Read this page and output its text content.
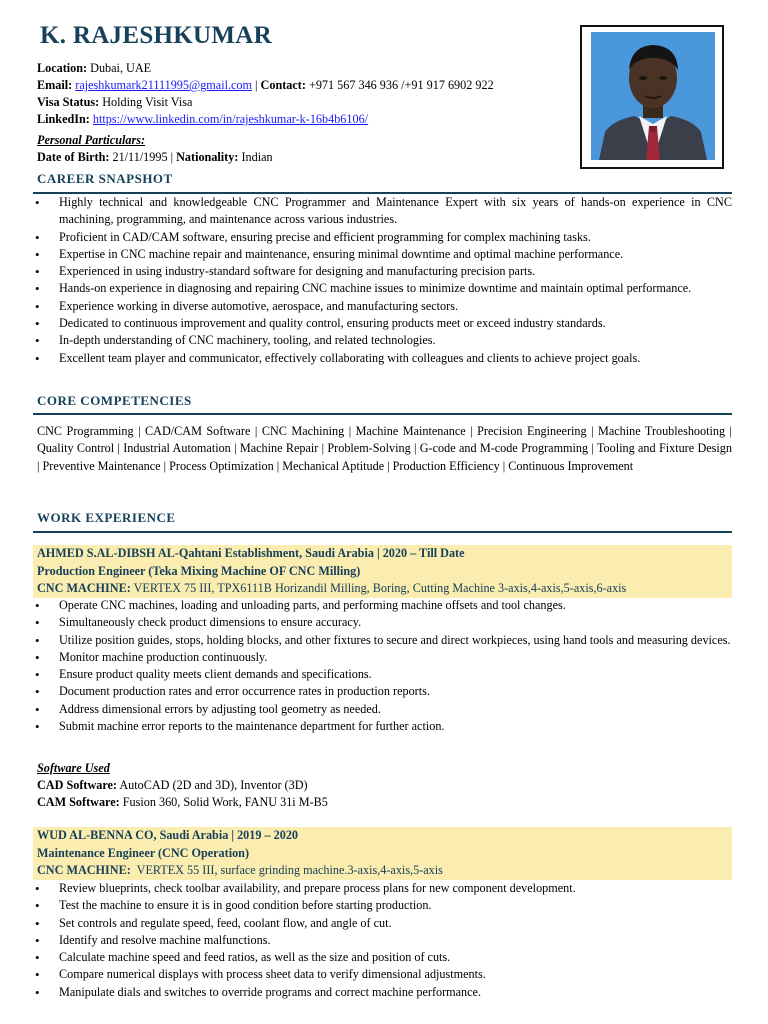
K. RAJESHKUMAR
Location: Dubai, UAE
Email: rajeshkumark21111995@gmail.com | Contact: +971 567 346 936 /+91 917 6902 922
Visa Status: Holding Visit Visa
LinkedIn: https://www.linkedin.com/in/rajeshkumar-k-16b4b6106/
Personal Particulars:
Date of Birth: 21/11/1995 | Nationality: Indian
CAREER SNAPSHOT
• Highly technical and knowledgeable CNC Programmer and Maintenance Expert with six years of hands-on experience in CNC machining, programming, and maintenance across various industries.
• Proficient in CAD/CAM software, ensuring precise and efficient programming for complex machining tasks.
• Expertise in CNC machine repair and maintenance, ensuring minimal downtime and optimal machine performance.
• Experienced in using industry-standard software for designing and manufacturing precision parts.
• Hands-on experience in diagnosing and repairing CNC machine issues to minimize downtime and maintain optimal performance.
• Experience working in diverse automotive, aerospace, and manufacturing sectors.
• Dedicated to continuous improvement and quality control, ensuring products meet or exceed industry standards.
• In-depth understanding of CNC machinery, tooling, and related technologies.
• Excellent team player and communicator, effectively collaborating with colleagues and clients to achieve project goals.
CORE COMPETENCIES
CNC Programming | CAD/CAM Software | CNC Machining | Machine Maintenance | Precision Engineering | Machine Troubleshooting | Quality Control | Industrial Automation | Machine Repair | Problem-Solving | G-code and M-code Programming | Tooling and Fixture Design | Preventive Maintenance | Process Optimization | Mechanical Aptitude | Production Efficiency | Continuous Improvement
WORK EXPERIENCE
AHMED S.AL-DIBSH AL-Qahtani Establishment, Saudi Arabia | 2020 – Till Date
Production Engineer (Teka Mixing Machine OF CNC Milling)
CNC MACHINE: VERTEX 75 III, TPX6111B Horizandil Milling, Boring, Cutting Machine 3-axis,4-axis,5-axis,6-axis
• Operate CNC machines, loading and unloading parts, and performing machine offsets and tool changes.
• Simultaneously check product dimensions to ensure accuracy.
• Utilize position guides, stops, holding blocks, and other fixtures to secure and direct workpieces, using hand tools and measuring devices.
• Monitor machine production continuously.
• Ensure product quality meets client demands and specifications.
• Document production rates and error occurrence rates in production reports.
• Address dimensional errors by adjusting tool geometry as needed.
• Submit machine error reports to the maintenance department for further action.
Software Used
CAD Software: AutoCAD (2D and 3D), Inventor (3D)
CAM Software: Fusion 360, Solid Work, FANU 31i M-B5
WUD AL-BENNA CO, Saudi Arabia | 2019 – 2020
Maintenance Engineer (CNC Operation)
CNC MACHINE:  VERTEX 55 III, surface grinding machine.3-axis,4-axis,5-axis
• Review blueprints, check toolbar availability, and prepare process plans for new component development.
• Test the machine to ensure it is in good condition before starting production.
• Set controls and regulate speed, feed, coolant flow, and angle of cut.
• Identify and resolve machine malfunctions.
• Calculate machine speed and feed ratios, as well as the size and position of cuts.
• Compare numerical displays with process sheet data to verify dimensional adjustments.
• Manipulate dials and switches to override programs and correct machine performance.
